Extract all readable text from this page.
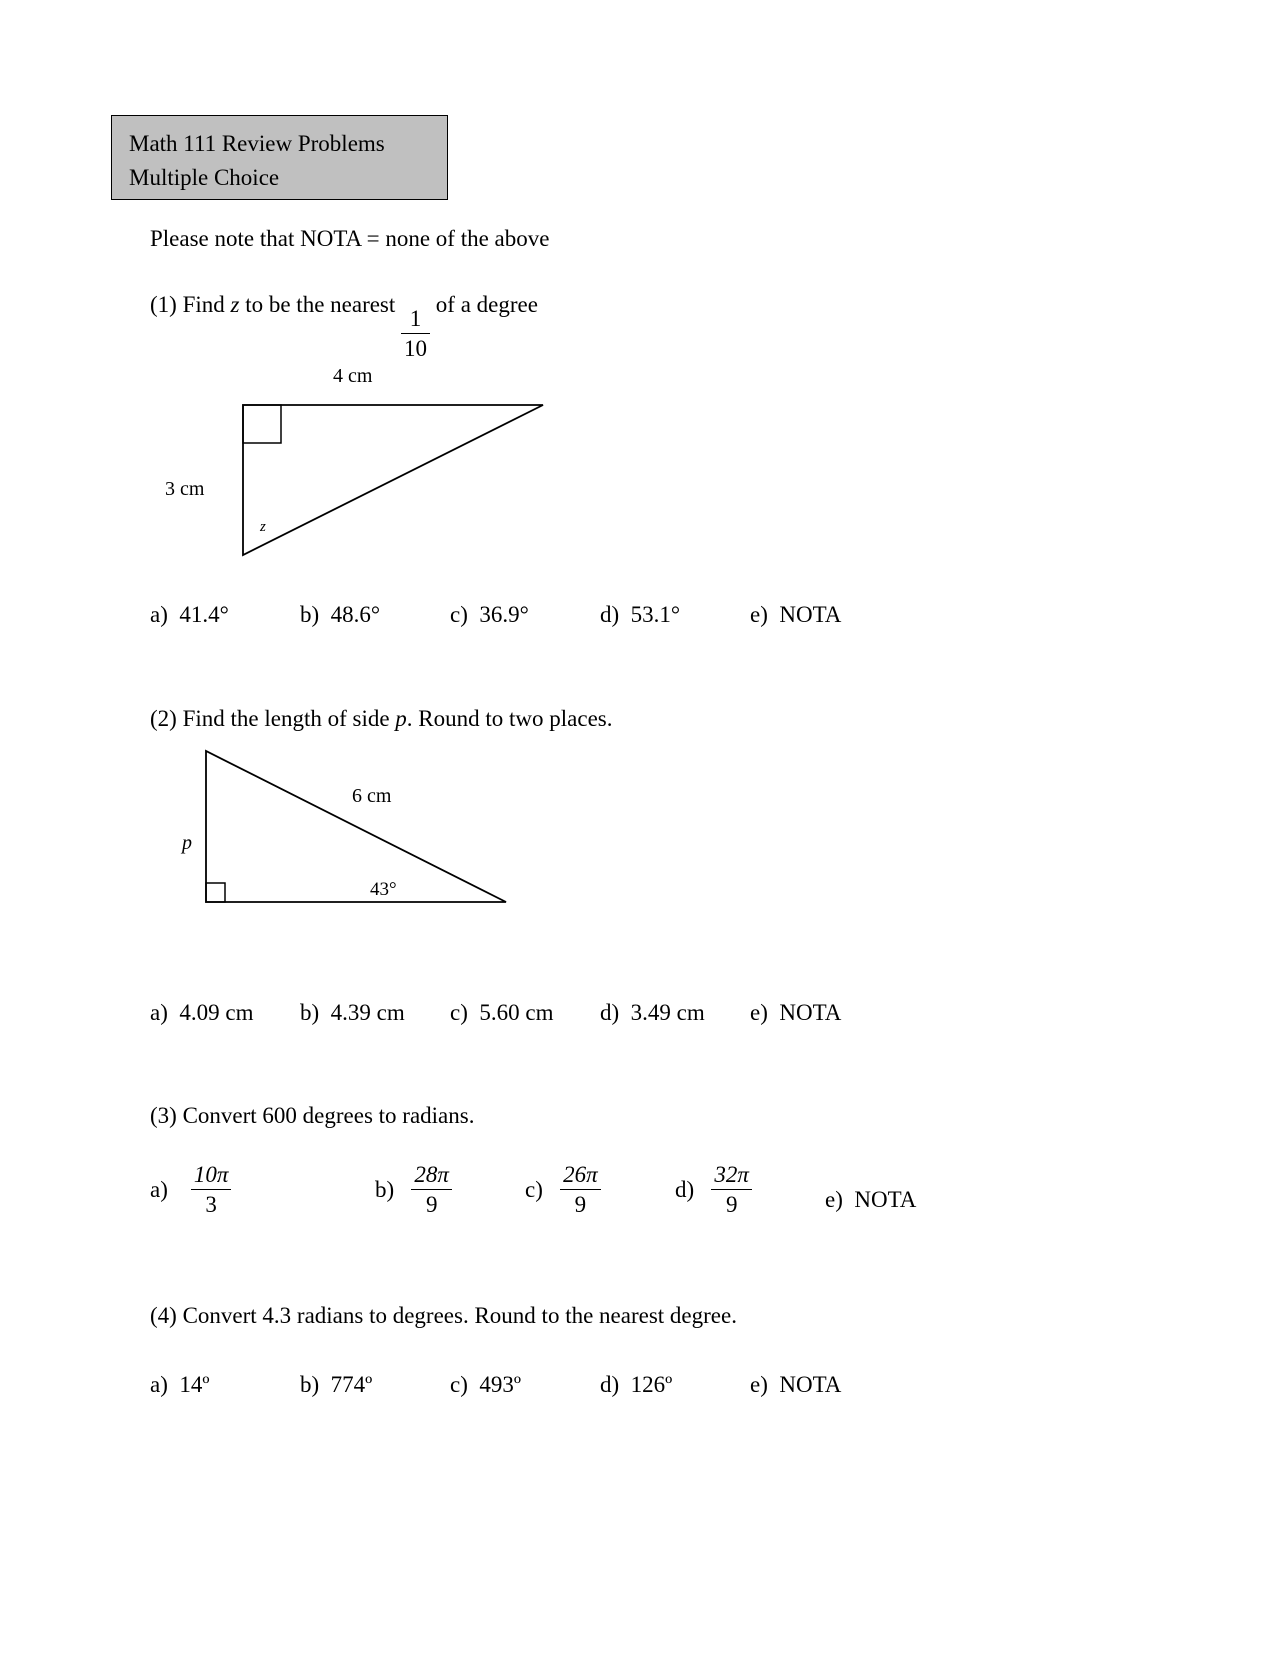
Math 111 Review Problems
Multiple Choice
Please note that NOTA = none of the above
(1) Find z to be the nearest
$\frac{1}{10}$
of a degree
4 cm
3 cm
z
a) 41.4°	b) 48.6°	c) 36.9°	d) 53.1°	e) NOTA
(2) Find the length of side p. Round to two places.
6 cm
p
43°
a) 4.09 cm b) 4.39 cm c) 5.60 cm d) 3.49 cm e) NOTA
(3) Convert 600 degrees to radians.
$a) \frac{10\pi}{3}$	$b) \frac{28\pi}{9}$	$c) \frac{26\pi}{9}$	$d) \frac{32\pi}{9}$	e) NOTA
(4) Convert 4.3 radians to degrees. Round to the nearest degree.
a) 14º	b) 774º	c) 493º	d) 126º	e) NOTA
